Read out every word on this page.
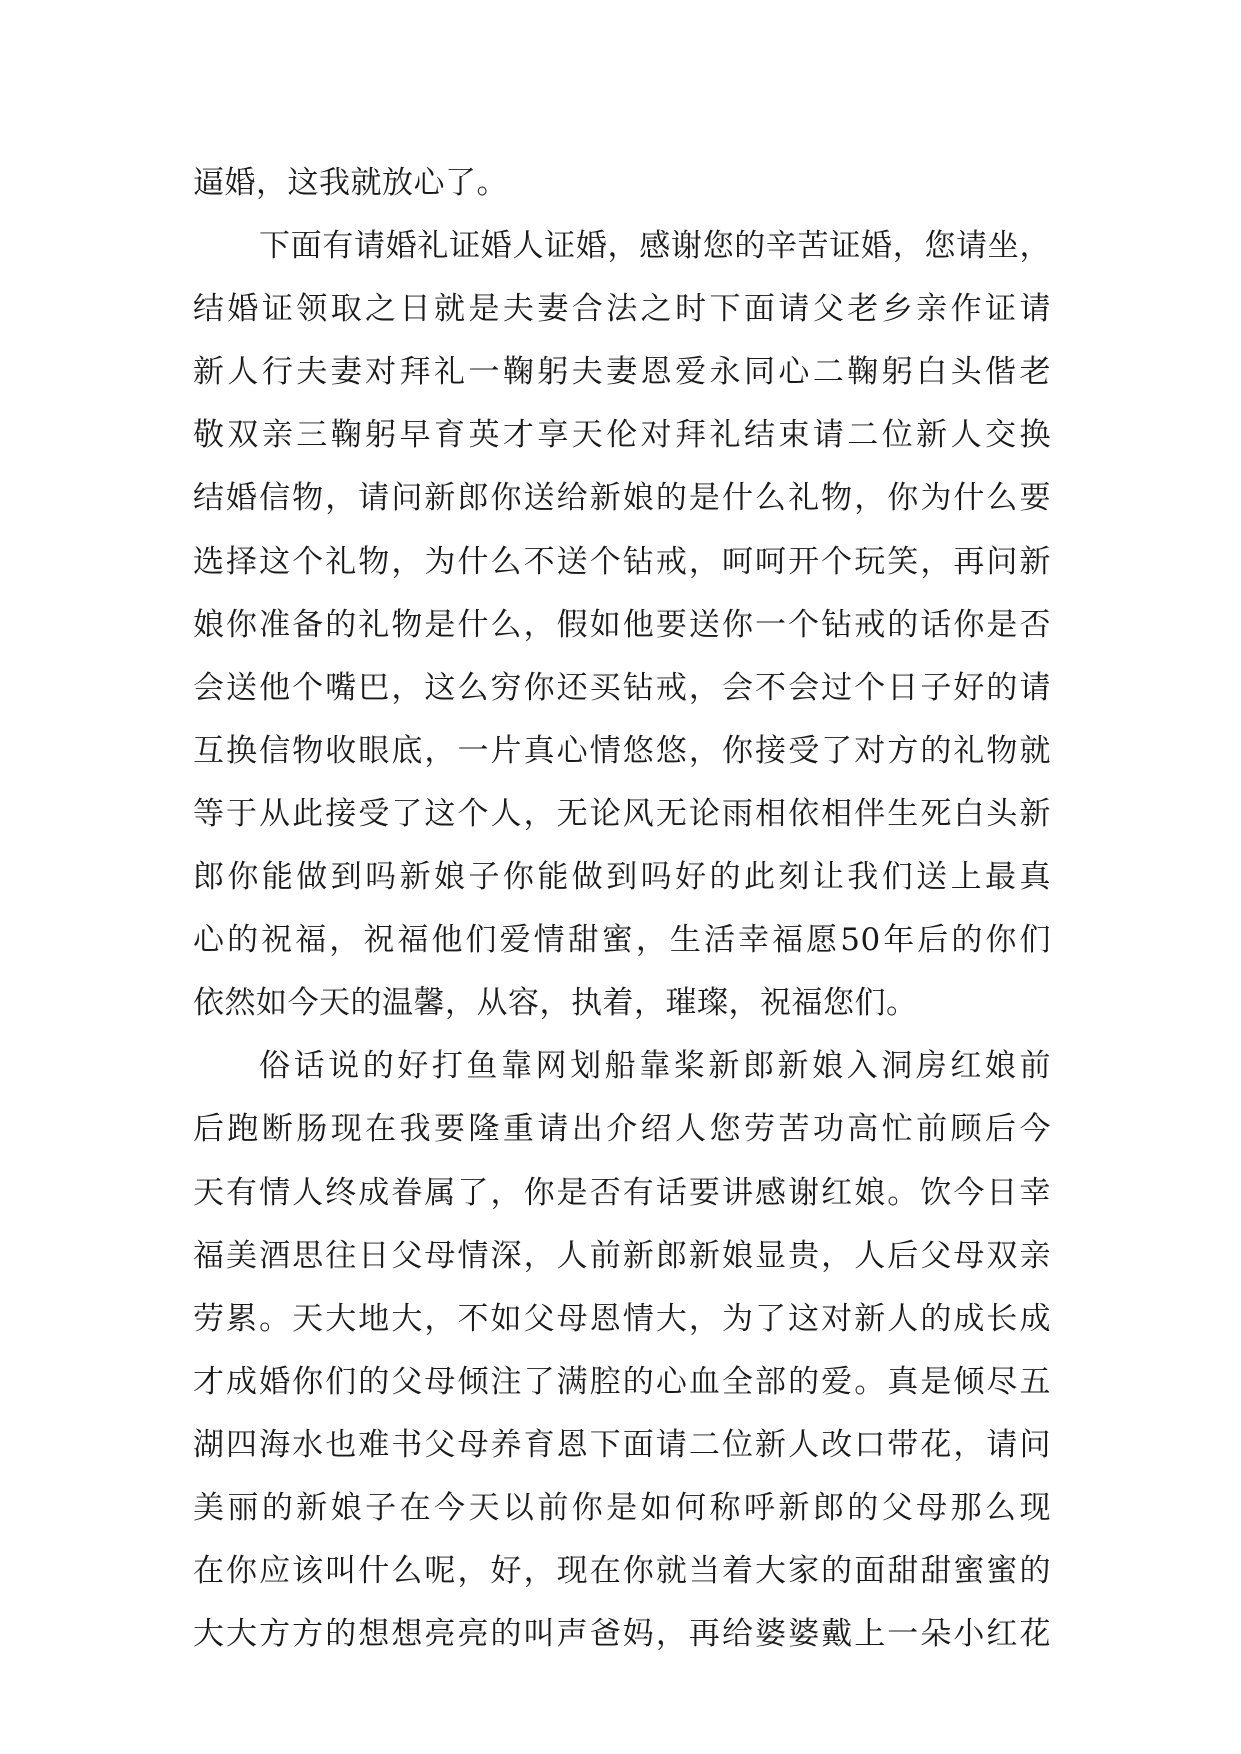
逼婚，这我就放心了。
下面有请婚礼证婚人证婚，感谢您的辛苦证婚，您请坐，
结婚证领取之日就是夫妻合法之时下面请父老乡亲作证请
新人行夫妻对拜礼一鞠躬夫妻恩爱永同心二鞠躬白头偕老
敬双亲三鞠躬早育英才享天伦对拜礼结束请二位新人交换
结婚信物，请问新郎你送给新娘的是什么礼物，你为什么要
选择这个礼物，为什么不送个钻戒，呵呵开个玩笑，再问新
娘你准备的礼物是什么，假如他要送你一个钻戒的话你是否
会送他个嘴巴，这么穷你还买钻戒，会不会过个日子好的请
互换信物收眼底，一片真心情悠悠，你接受了对方的礼物就
等于从此接受了这个人，无论风无论雨相依相伴生死白头新
郎你能做到吗新娘子你能做到吗好的此刻让我们送上最真
心的祝福，祝福他们爱情甜蜜，生活幸福愿50年后的你们
依然如今天的温馨，从容，执着，璀璨，祝福您们。
俗话说的好打鱼靠网划船靠桨新郎新娘入洞房红娘前
后跑断肠现在我要隆重请出介绍人您劳苦功高忙前顾后今
天有情人终成眷属了，你是否有话要讲感谢红娘。饮今日幸
福美酒思往日父母情深，人前新郎新娘显贵，人后父母双亲
劳累。天大地大，不如父母恩情大，为了这对新人的成长成
才成婚你们的父母倾注了满腔的心血全部的爱。真是倾尽五
湖四海水也难书父母养育恩下面请二位新人改口带花，请问
美丽的新娘子在今天以前你是如何称呼新郎的父母那么现
在你应该叫什么呢，好，现在你就当着大家的面甜甜蜜蜜的
大大方方的想想亮亮的叫声爸妈，再给婆婆戴上一朵小红花
